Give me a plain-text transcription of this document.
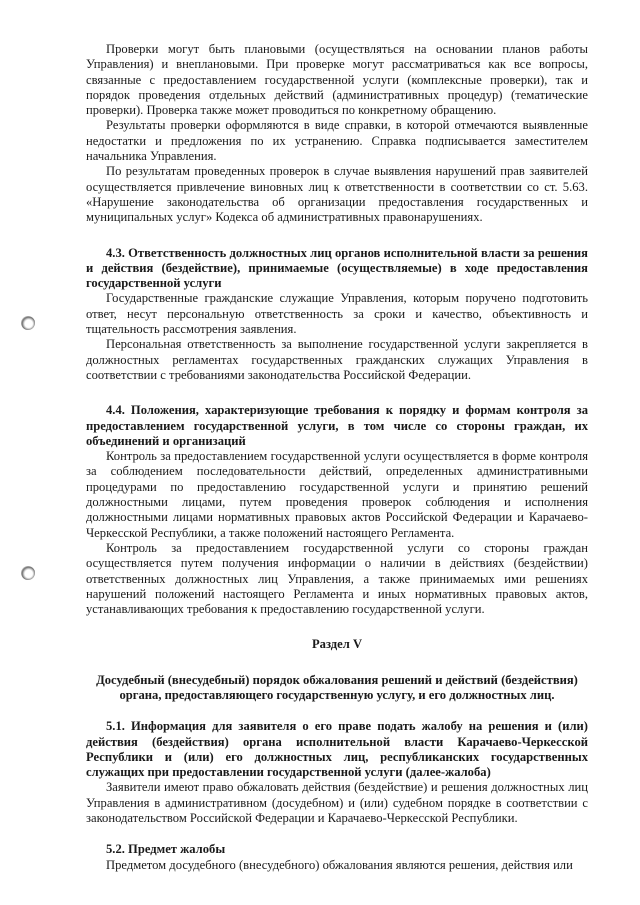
Проверки могут быть плановыми (осуществляться на основании планов работы Управления) и внеплановыми. При проверке могут рассматриваться как все вопросы, связанные с предоставлением государственной услуги (комплексные проверки), так и порядок проведения отдельных действий (административных процедур) (тематические проверки). Проверка также может проводиться по конкретному обращению.

Результаты проверки оформляются в виде справки, в которой отмечаются выявленные недостатки и предложения по их устранению. Справка подписывается заместителем начальника Управления.

По результатам проведенных проверок в случае выявления нарушений прав заявителей осуществляется привлечение виновных лиц к ответственности в соответствии со ст. 5.63. «Нарушение законодательства об организации предоставления государственных и муниципальных услуг» Кодекса об административных правонарушениях.

4.3. Ответственность должностных лиц органов исполнительной власти за решения и действия (бездействие), принимаемые (осуществляемые) в ходе предоставления государственной услуги

Государственные гражданские служащие Управления, которым поручено подготовить ответ, несут персональную ответственность за сроки и качество, объективность и тщательность рассмотрения заявления.

Персональная ответственность за выполнение государственной услуги закрепляется в должностных регламентах государственных гражданских служащих Управления в соответствии с требованиями законодательства Российской Федерации.

4.4. Положения, характеризующие требования к порядку и формам контроля за предоставлением государственной услуги, в том числе со стороны граждан, их объединений и организаций

Контроль за предоставлением государственной услуги осуществляется в форме контроля за соблюдением последовательности действий, определенных административными процедурами по предоставлению государственной услуги и принятию решений должностными лицами, путем проведения проверок соблюдения и исполнения должностными лицами нормативных правовых актов Российской Федерации и Карачаево-Черкесской Республики, а также положений настоящего Регламента.

Контроль за предоставлением государственной услуги со стороны граждан осуществляется путем получения информации о наличии в действиях (бездействии) ответственных должностных лиц Управления, а также принимаемых ими решениях нарушений положений настоящего Регламента и иных нормативных правовых актов, устанавливающих требования к предоставлению государственной услуги.

Раздел V
Досудебный (внесудебный) порядок обжалования решений и действий (бездействия) органа, предоставляющего государственную услугу, и его должностных лиц.
5.1. Информация для заявителя о его праве подать жалобу на решения и (или) действия (бездействия) органа исполнительной власти Карачаево-Черкесской Республики и (или) его должностных лиц, республиканских государственных служащих при предоставлении государственной услуги (далее-жалоба)

Заявители имеют право обжаловать действия (бездействие) и решения должностных лиц Управления в административном (досудебном) и (или) судебном порядке в соответствии с законодательством Российской Федерации и Карачаево-Черкесской Республики.

5.2. Предмет жалобы

Предметом досудебного (внесудебного) обжалования являются решения, действия или
